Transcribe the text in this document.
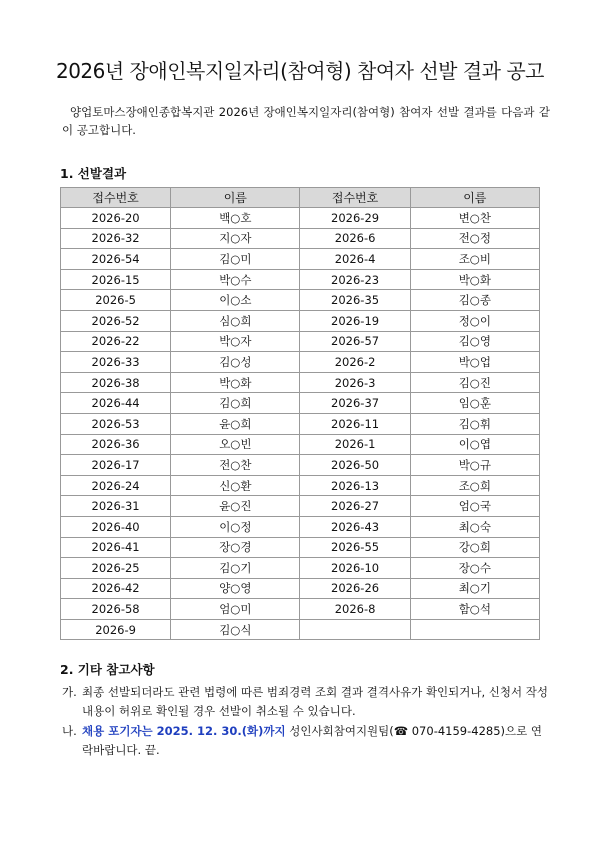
2026년 장애인복지일자리(참여형) 참여자 선발 결과 공고
양업토마스장애인종합복지관 2026년 장애인복지일자리(참여형) 참여자 선발 결과를 다음과 같이 공고합니다.
1. 선발결과
접수번호	이름	접수번호	이름
2026-20	백○호	2026-29	변○찬
2026-32	지○자	2026-6	전○정
2026-54	김○미	2026-4	조○비
2026-15	박○수	2026-23	박○화
2026-5	이○소	2026-35	김○종
2026-52	심○희	2026-19	정○이
2026-22	박○자	2026-57	김○영
2026-33	김○성	2026-2	박○업
2026-38	박○화	2026-3	김○진
2026-44	김○희	2026-37	임○훈
2026-53	윤○희	2026-11	김○휘
2026-36	오○빈	2026-1	이○엽
2026-17	전○찬	2026-50	박○규
2026-24	신○환	2026-13	조○희
2026-31	윤○진	2026-27	엄○국
2026-40	이○정	2026-43	최○숙
2026-41	장○경	2026-55	강○희
2026-25	김○기	2026-10	장○수
2026-42	양○영	2026-26	최○기
2026-58	엄○미	2026-8	함○석
2026-9	김○식		
2. 기타 참고사항
가. 최종 선발되더라도 관련 법령에 따른 범죄경력 조회 결과 결격사유가 확인되거나, 신청서 작성 내용이 허위로 확인될 경우 선발이 취소될 수 있습니다.
나. 채용 포기자는 2025. 12. 30.(화)까지 성인사회참여지원팀(☎ 070-4159-4285)으로 연락바랍니다. 끝.
